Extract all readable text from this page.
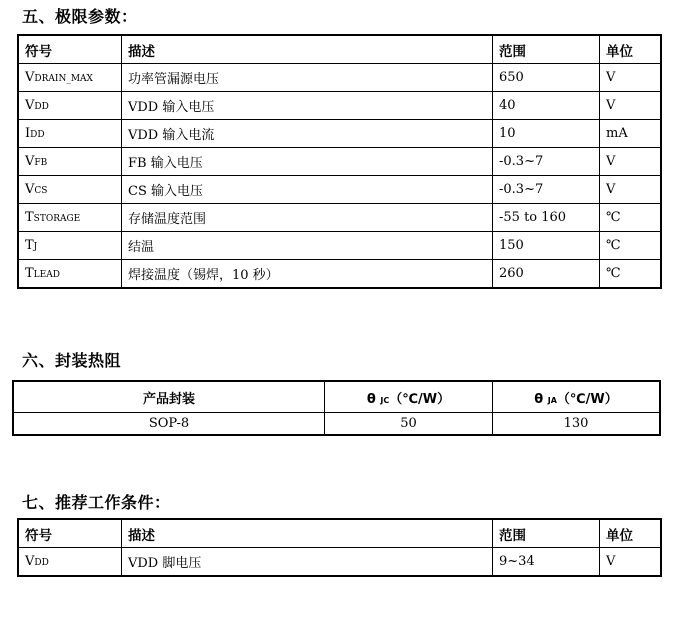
五、极限参数：
符号	描述	范围	单位
VDRAIN_MAX	功率管漏源电压	650	V
VDD	VDD 输入电压	40	V
IDD	VDD 输入电流	10	mA
VFB	FB 输入电压	-0.3~7	V
VCS	CS 输入电压	-0.3~7	V
TSTORAGE	存储温度范围	-55 to 160	℃
TJ	结温	150	℃
TLEAD	焊接温度（锡焊，10 秒）	260	℃
六、封装热阻
产品封装	θ JC（℃/W）	θ JA（℃/W）
SOP-8	50	130
七、推荐工作条件：
符号	描述	范围	单位
VDD	VDD 脚电压	9~34	V
